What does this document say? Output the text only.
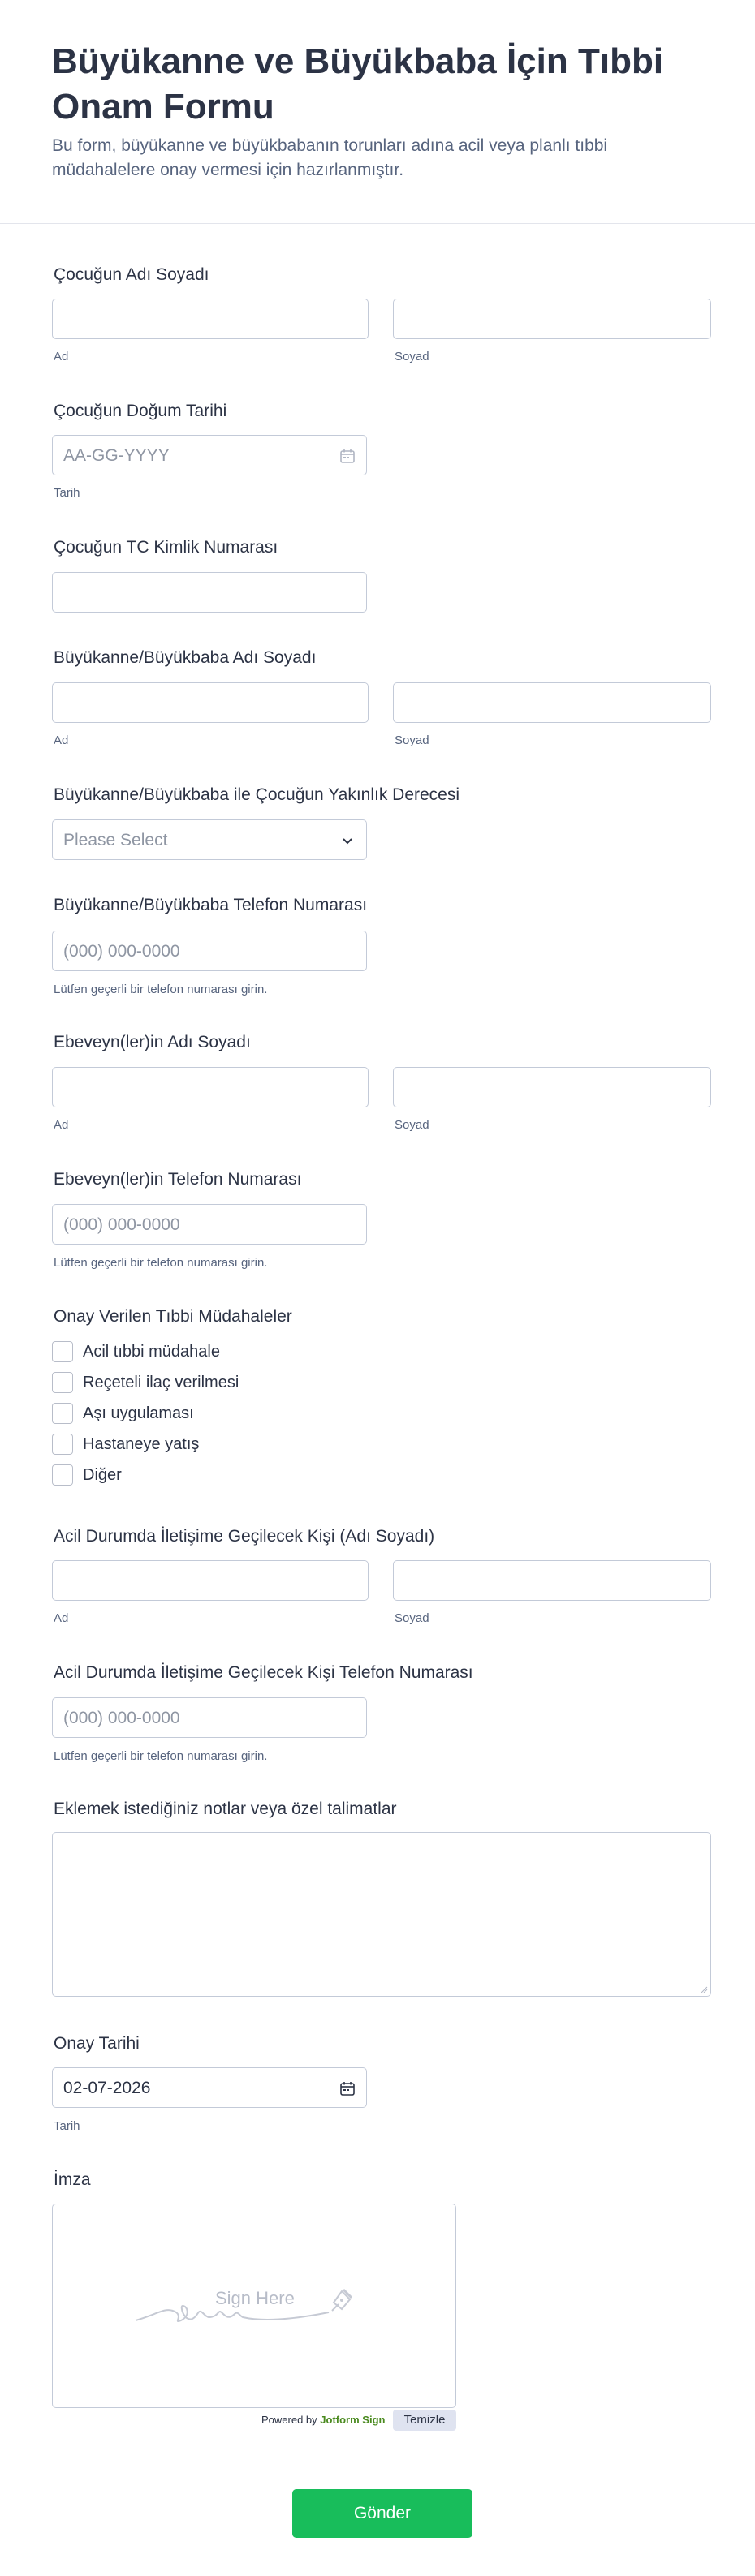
Büyükanne ve Büyükbaba İçin Tıbbi Onam Formu
Bu form, büyükanne ve büyükbabanın torunları adına acil veya planlı tıbbi müdahalelere onay vermesi için hazırlanmıştır.
Çocuğun Adı Soyadı
Ad	Soyad
Çocuğun Doğum Tarihi
AA-GG-YYYY
Tarih
Çocuğun TC Kimlik Numarası
Büyükanne/Büyükbaba Adı Soyadı
Ad	Soyad
Büyükanne/Büyükbaba ile Çocuğun Yakınlık Derecesi
Please Select
Büyükanne/Büyükbaba Telefon Numarası
(000) 000-0000
Lütfen geçerli bir telefon numarası girin.
Ebeveyn(ler)in Adı Soyadı
Ad	Soyad
Ebeveyn(ler)in Telefon Numarası
(000) 000-0000
Lütfen geçerli bir telefon numarası girin.
Onay Verilen Tıbbi Müdahaleler
Acil tıbbi müdahale
Reçeteli ilaç verilmesi
Aşı uygulaması
Hastaneye yatış
Diğer
Acil Durumda İletişime Geçilecek Kişi (Adı Soyadı)
Ad	Soyad
Acil Durumda İletişime Geçilecek Kişi Telefon Numarası
(000) 000-0000
Lütfen geçerli bir telefon numarası girin.
Eklemek istediğiniz notlar veya özel talimatlar
Onay Tarihi
02-07-2026
Tarih
İmza
Sign Here
Powered by Jotform Sign	Temizle
Gönder
